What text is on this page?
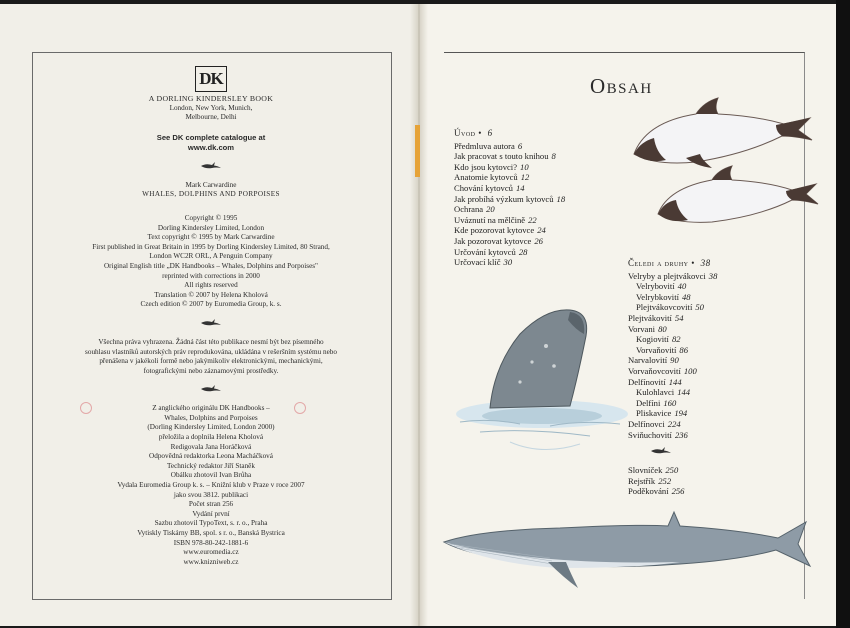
DK
A DORLING KINDERSLEY BOOK
London, New York, Munich,
Melbourne, Delhi
See DK complete catalogue at
www.dk.com
Mark Carwardine
WHALES, DOLPHINS AND PORPOISES
Copyright © 1995
Dorling Kindersley Limited, London
Text copyright © 1995 by Mark Carwardine
First published in Great Britain in 1995 by Dorling Kindersley Limited, 80 Strand,
London WC2R ORL, A Penguin Company
Original English title „DK Handbooks – Whales, Dolphins and Porpoises"
reprinted with corrections in 2000
All rights reserved
Translation © 2007 by Helena Kholová
Czech edition © 2007 by Euromedia Group, k. s.
Všechna práva vyhrazena. Žádná část této publikace nesmí být bez písemného
souhlasu vlastníků autorských práv reprodukována, ukládána v rešeršním systému nebo
přenášena v jakékoli formě nebo jakýmikoliv elektronickými, mechanickými,
fotografickými nebo záznamovými prostředky.
Z anglického originálu DK Handbooks –
Whales, Dolphins and Porpoises
(Dorling Kindersley Limited, London 2000)
přeložila a doplnila Helena Kholová
Redigovala Jana Horáčková
Odpovědná redaktorka Leona Macháčková
Technický redaktor Jiří Staněk
Obálku zhotovil Ivan Brůha
Vydala Euromedia Group k. s. – Knižní klub v Praze v roce 2007
jako svou 3812. publikaci
Počet stran 256
Vydání první
Sazbu zhotovil TypoText, s. r. o., Praha
Vytiskly Tiskárny BB, spol. s r. o., Banská Bystrica
ISBN 978-80-242-1881-6
www.euromedia.cz
www.knizniweb.cz
Obsah
Úvod • 6
Předmluva autora 6
Jak pracovat s touto knihou 8
Kdo jsou kytovci? 10
Anatomie kytovců 12
Chování kytovců 14
Jak probíhá výzkum kytovců 18
Ochrana 20
Uváznutí na mělčině 22
Kde pozorovat kytovce 24
Jak pozorovat kytovce 26
Určování kytovců 28
Určovací klíč 30	Čeledi a druhy • 38
Velryby a plejtvákovci 38
Velrybovití 40
Velrybkovití 48
Plejtvákovcovití 50
Plejtvákovití 54
Vorvani 80
Kogiovití 82
Vorvaňovití 86
Narvalovití 90
Vorvaňovcovití 100
Delfínovití 144
Kulohlavci 144
Delfíni 160
Pliskavice 194
Delfínovci 224
Sviňuchovití 236
Slovníček 250
Rejstřík 252
Poděkování 256
